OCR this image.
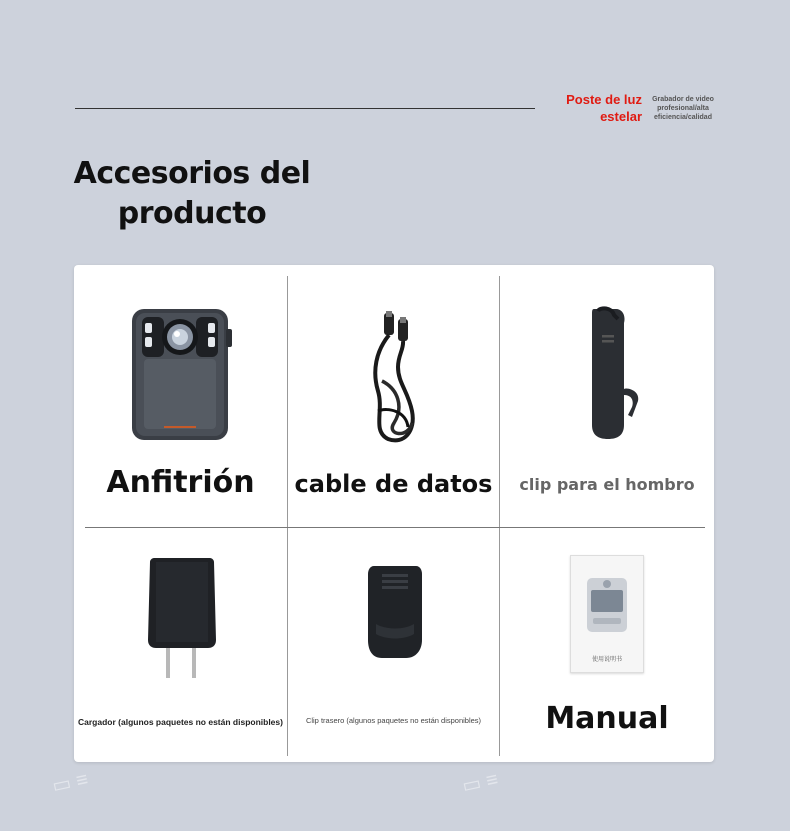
▭ ≡	▭ ≡
Poste de luz
estelar
Grabador de video
profesional/alta
eficiencia/calidad
Accesorios del
producto
Anfitrión	cable de datos	clip para el hombro
Cargador (algunos paquetes no están disponibles)	Clip trasero (algunos paquetes no están disponibles)
使用说明书
Manual
